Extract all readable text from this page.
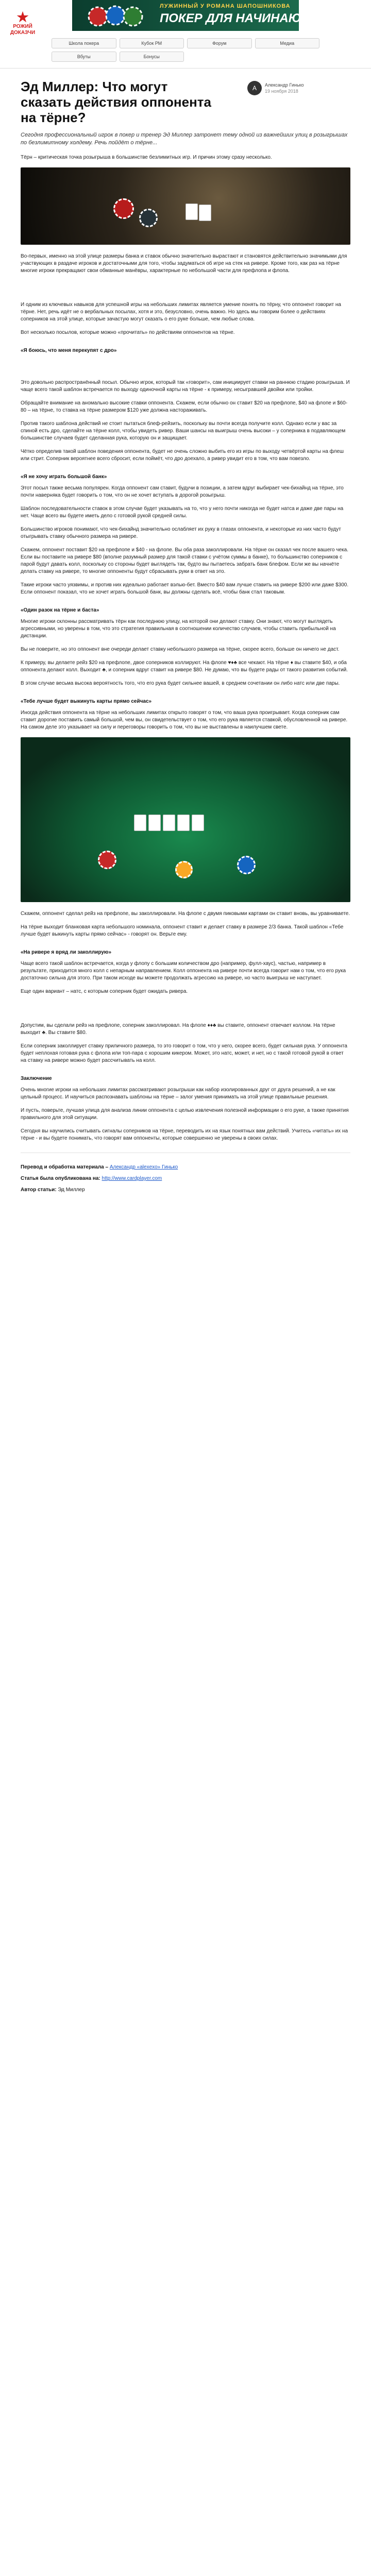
★
РОЖИЙ ДОКАЗЧИ
ЛУЖИННЫЙ У РОМАНА ШАПОШНИКОВА
ПОКЕР ДЛЯ НАЧИНАЮЩИХ
Школа покера	Кубок РМ	Форум	Медиа
Вбуты	Бонусы
Эд Миллер: Что могут сказать действия оппонента на тёрне?
А	Александр Гинько
19 ноября 2018
Сегодня профессиональный игрок в покер и тренер Эд Миллер затронет тему одной из важнейших улиц в розыгрышах по безлимитному холдему. Речь пойдёт о тёрне...

Тёрн – критическая точка розыгрыша в большинстве безлимитных игр. И причин этому сразу несколько.

Во-первых, именно на этой улице размеры банка и ставок обычно значительно вырастают и становятся действительно значимыми для участвующих в раздаче игроков и достаточными для того, чтобы задуматься об игре на стек на ривере. Кроме того, как раз на тёрне многие игроки прекращают свои обманные манёвры, характерные по небольшой части для префлопа и флопа.

И одним из ключевых навыков для успешной игры на небольших лимитах является умение понять по тёрну, что оппонент говорит на тёрне. Нет, речь идёт не о вербальных посылах, хотя и это, безусловно, очень важно. Но здесь мы говорим более о действиях соперников на этой улице, которые зачастую могут сказать о его руке больше, чем любые слова.

Вот несколько посылов, которые можно «прочитать» по действиям оппонентов на тёрне.

«Я боюсь, что меня перекупят с дро»

Это довольно распространённый посыл. Обычно игрок, который так «говорит», сам инициирует ставки на раннюю стадию розыгрыша. И чаще всего такой шаблон встречается по выходу одиночной карты на тёрне - к примеру, несыгравшей двойки или тройки.

Обращайте внимание на аномально высокие ставки оппонента. Скажем, если обычно он ставит $20 на префлопе, $40 на флопе и $60-80 – на тёрне, то ставка на тёрне размером $120 уже должна настораживать.

Против такого шаблона действий не стоит пытаться блеф-рейзить, поскольку вы почти всегда получите колл. Однако если у вас за спиной есть дро, сделайте на тёрне колл, чтобы увидеть ривер. Ваши шансы на выигрыш очень высоки – у соперника в подавляющем большинстве случаев будет сделанная рука, которую он и защищает.

Чётко определив такой шаблон поведения оппонента, будет не очень сложно выбить его из игры по выходу четвёртой карты на флеш или стрит. Соперник вероятнее всего сбросит, если поймёт, что дро доехало, а ривер увидит его в том, что вам повезло.

«Я не хочу играть большой банк»

Этот посыл также весьма популярен. Когда оппонент сам ставит, будучи в позиции, а затем вдруг выбирает чек-бихайнд на тёрне, это почти наверняка будет говорить о том, что он не хочет вступать в дорогой розыгрыш.

Шаблон последовательности ставок в этом случае будет указывать на то, что у него почти никогда не будет натса и даже две пары на нет. Чаще всего вы будете иметь дело с готовой рукой средней силы.

Большинство игроков понимают, что чек-бихайнд значительно ослабляет их руку в глазах оппонента, и некоторые из них часто будут отыгрывать ставку обычного размера на ривере.

Скажем, оппонент поставит $20 на префлопе и $40 - на флопе. Вы оба раза заколлировали. На тёрне он сказал чек после вашего чека. Если вы поставите на ривере $80 (вполне разумный размер для такой ставки с учётом суммы в банке), то большинство соперников с парой будут давать колл, поскольку со стороны будет выглядеть так, будто вы пытаетесь забрать банк блефом. Если же вы начнёте делать ставку на ривере, то многие оппоненты будут сбрасывать руки в ответ на это.

Такие игроки часто уязвимы, и против них идеально работает вэлью-бет. Вместо $40 вам лучше ставить на ривере $200 или даже $300. Если оппонент показал, что не хочет играть большой банк, вы должны сделать всё, чтобы банк стал таковым.

«Один разок на тёрне и баста»

Многие игроки склонны рассматривать тёрн как последнюю улицу, на которой они делают ставку. Они знают, что могут выглядеть агрессивными, но уверены в том, что это стратегия правильная в соотношении количество случаев, чтобы ставить прибыльной на дистанции.

Вы не поверите, но это оппонент вне очереди делает ставку небольшого размера на тёрне, скорее всего, больше он ничего не даст.

К примеру, вы делаете рейз $20 на префлопе, двое соперников коллируют. На флопе ♥♦♣ все чекают. На тёрне ♦ вы ставите $40, и оба оппонента делают колл. Выходит ♣, и соперник вдруг ставит на ривере $80. Не думаю, что вы будете рады от такого развития событий.

В этом случае весьма высока вероятность того, что его рука будет сильнее вашей, в среднем сочетании он либо натс или две пары.

«Тебе лучше будет выкинуть карты прямо сейчас»

Иногда действия оппонента на тёрне на небольших лимитах открыто говорят о том, что ваша рука проигрывает. Когда соперник сам ставит дорогие поставить самый большой, чем вы, он свидетельствует о том, что его рука является ставкой, обусловленной на ривере. На самом деле это указывает на силу и переговоры говорить о том, что вы не выставлены в наилучшем свете.

Скажем, оппонент сделал рейз на префлопе, вы заколлировали. На флопе с двумя пиковыми картами он ставит вновь, вы уравниваете.

На тёрне выходит бланковая карта небольшого номинала, оппонент ставит и делает ставку в размере 2/3 банка. Такой шаблон «Тебе лучше будет выкинуть карты прямо сейчас» - говорят он. Верьте ему.

«На ривере я вряд ли заколлирую»

Чаще всего такой шаблон встречается, когда у флопу с большим количеством дро (например, фулл-хаус), частью, например в результате, приходится много колл с непарным направлением. Колл оппонента на ривере почти всегда говорит нам о том, что его рука достаточно сильна для этого. При таком исходе вы можете продолжать агрессию на ривере, но часто выигрыш не наступает.

Еще один вариант – натс, с которым соперник будет ожидать ривера.

Допустим, вы сделали рейз на префлопе, соперник заколлировал. На флопе ♦♦♣ вы ставите, оппонент отвечает коллом. На тёрне выходит ♣. Вы ставите $80.

Если соперник заколлирует ставку приличного размера, то это говорит о том, что у него, скорее всего, будет сильная рука. У оппонента будет неплохая готовая рука с флопа или топ-пара с хорошим кикером. Может, это натс, может, и нет, но с такой готовой рукой в ответ на ставку на ривере можно будет рассчитывать на колл.

Заключение

Очень многие игроки на небольших лимитах рассматривают розыгрыши как набор изолированных друг от друга решений, а не как цельный процесс. И научиться распознавать шаблоны на тёрне – залог умения принимать на этой улице правильные решения.

И пусть, поверьте, лучшая улица для анализа линии оппонента с целью извлечения полезной информации о его руке, а также принятия правильного для этой ситуации.

Сегодня вы научились считывать сигналы соперников на тёрне, переводить их на язык понятных вам действий. Учитесь «читать» их на тёрне - и вы будете понимать, что говорят вам оппоненты, которые совершенно не уверены в своих силах.

Перевод и обработка материала – Александр «alexexo» Гинько
Статья была опубликована на: http://www.cardplayer.com
Автор статьи: Эд Миллер
